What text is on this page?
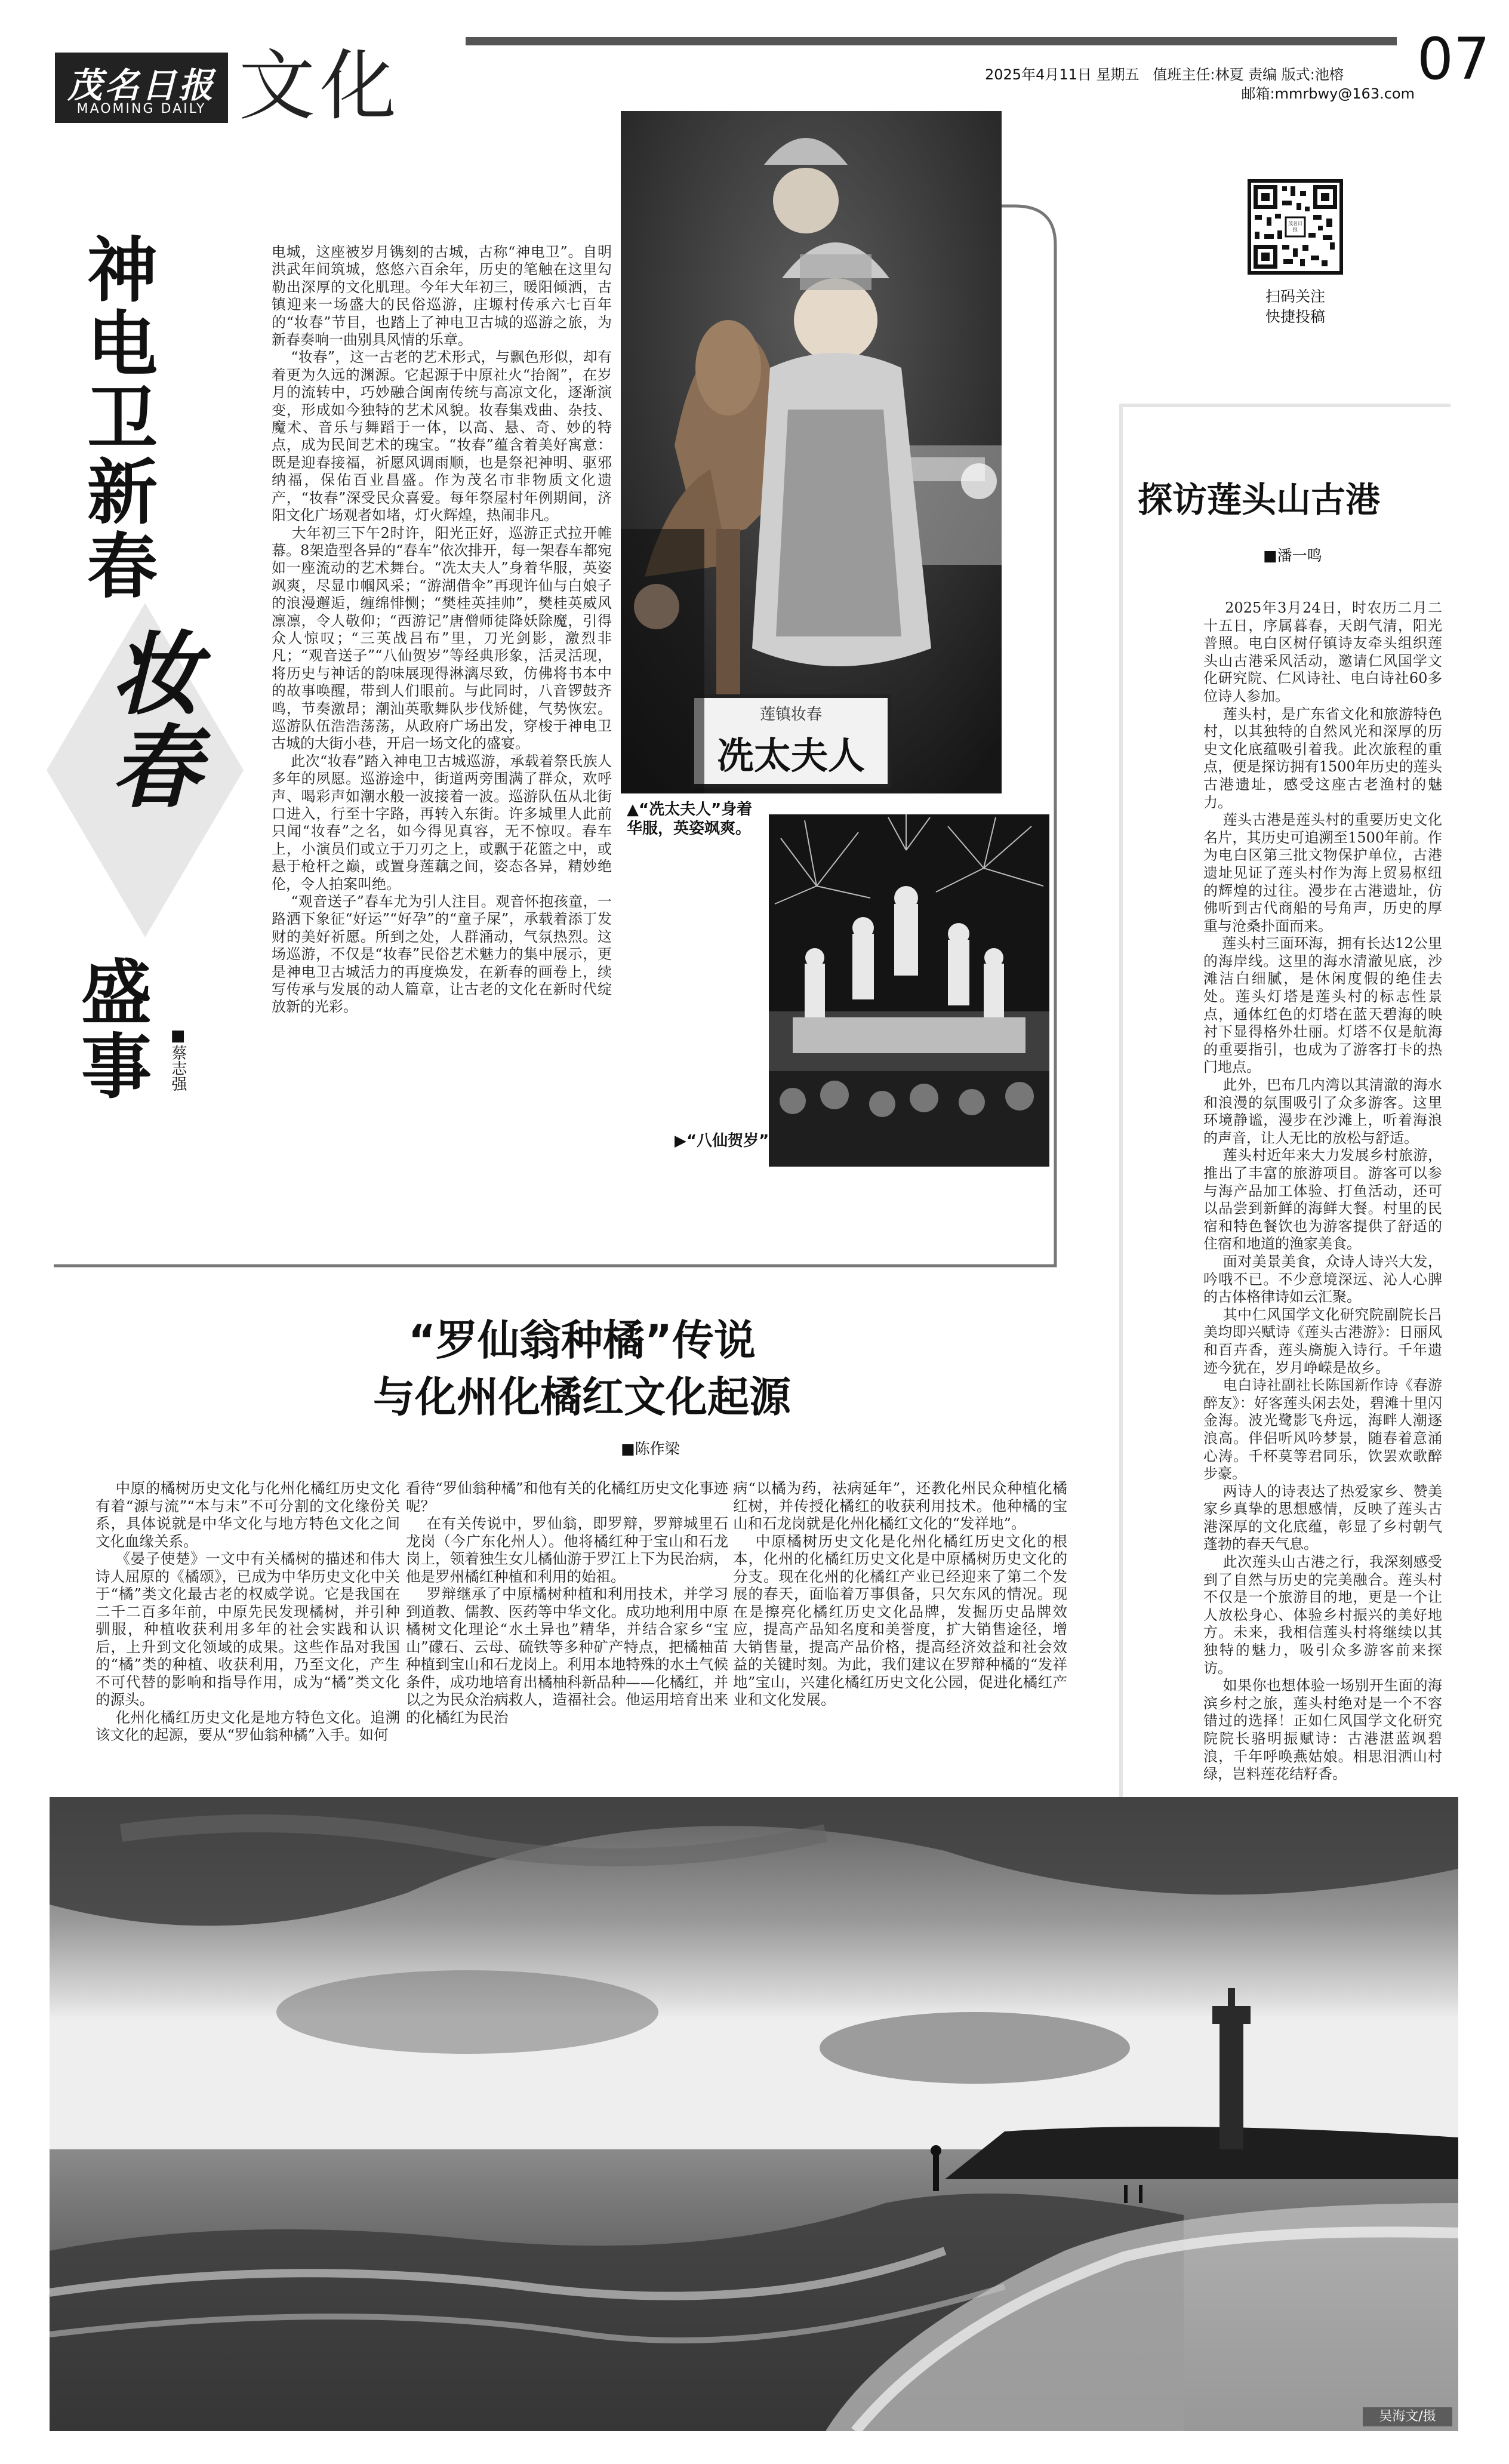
茂名日报
MAOMING DAILY 文化	2025年4月11日 星期五 值班主任:林夏 责编 版式:池榕
邮箱:mmrbwy@163.com
07
茂名日报
扫码关注
快捷投稿
神电卫新春
妆春
盛事	■蔡志强
电城，这座被岁月镌刻的古城，古称“神电卫”。自明洪武年间筑城，悠悠六百余年，历史的笔触在这里勾勒出深厚的文化肌理。今年大年初三，暖阳倾洒，古镇迎来一场盛大的民俗巡游，庄塬村传承六七百年的“妆春”节目，也踏上了神电卫古城的巡游之旅，为新春奏响一曲别具风情的乐章。
“妆春”，这一古老的艺术形式，与飘色形似，却有着更为久远的渊源。它起源于中原社火“抬阁”，在岁月的流转中，巧妙融合闽南传统与高凉文化，逐渐演变，形成如今独特的艺术风貌。妆春集戏曲、杂技、魔术、音乐与舞蹈于一体，以高、悬、奇、妙的特点，成为民间艺术的瑰宝。“妆春”蕴含着美好寓意：既是迎春接福，祈愿风调雨顺，也是祭祀神明、驱邪纳福，保佑百业昌盛。作为茂名市非物质文化遗产，“妆春”深受民众喜爱。每年祭屋村年例期间，济阳文化广场观者如堵，灯火辉煌，热闹非凡。
大年初三下午2时许，阳光正好，巡游正式拉开帷幕。8架造型各异的“春车”依次排开，每一架春车都宛如一座流动的艺术舞台。“冼太夫人”身着华服，英姿飒爽，尽显巾帼风采；“游湖借伞”再现许仙与白娘子的浪漫邂逅，缠绵悱恻；“樊桂英挂帅”，樊桂英威风凛凛，令人敬仰；“西游记”唐僧师徒降妖除魔，引得众人惊叹；“三英战吕布”里，刀光剑影，激烈非凡；“观音送子”“八仙贺岁”等经典形象，活灵活现，将历史与神话的韵味展现得淋漓尽致，仿佛将书本中的故事唤醒，带到人们眼前。与此同时，八音锣鼓齐鸣，节奏激昂；潮汕英歌舞队步伐矫健，气势恢宏。巡游队伍浩浩荡荡，从政府广场出发，穿梭于神电卫古城的大街小巷，开启一场文化的盛宴。
此次“妆春”踏入神电卫古城巡游，承载着祭氏族人多年的夙愿。巡游途中，街道两旁围满了群众，欢呼声、喝彩声如潮水般一波接着一波。巡游队伍从北街口进入，行至十字路，再转入东街。许多城里人此前只闻“妆春”之名，如今得见真容，无不惊叹。春车上，小演员们或立于刀刃之上，或飘于花篮之中，或悬于枪杆之巅，或置身莲藕之间，姿态各异，精妙绝伦，令人拍案叫绝。
“观音送子”春车尤为引人注目。观音怀抱孩童，一路洒下象征“好运”“好孕”的“童子屎”，承载着添丁发财的美好祈愿。所到之处，人群涌动，气氛热烈。这场巡游，不仅是“妆春”民俗艺术魅力的集中展示，更是神电卫古城活力的再度焕发，在新春的画卷上，续写传承与发展的动人篇章，让古老的文化在新时代绽放新的光彩。
莲镇妆春
冼太夫人
▲“冼太夫人”身着华服，英姿飒爽。
▶“八仙贺岁”
探访莲头山古港
■潘一鸣
2025年3月24日，时农历二月二十五日，序属暮春，天朗气清，阳光普照。电白区树仔镇诗友牵头组织莲头山古港采风活动，邀请仁风国学文化研究院、仁风诗社、电白诗社60多位诗人参加。
莲头村，是广东省文化和旅游特色村，以其独特的自然风光和深厚的历史文化底蕴吸引着我。此次旅程的重点，便是探访拥有1500年历史的莲头古港遗址，感受这座古老渔村的魅力。
莲头古港是莲头村的重要历史文化名片，其历史可追溯至1500年前。作为电白区第三批文物保护单位，古港遗址见证了莲头村作为海上贸易枢纽的辉煌的过往。漫步在古港遗址，仿佛听到古代商船的号角声，历史的厚重与沧桑扑面而来。
莲头村三面环海，拥有长达12公里的海岸线。这里的海水清澈见底，沙滩洁白细腻，是休闲度假的绝佳去处。莲头灯塔是莲头村的标志性景点，通体红色的灯塔在蓝天碧海的映衬下显得格外壮丽。灯塔不仅是航海的重要指引，也成为了游客打卡的热门地点。
此外，巴布几内湾以其清澈的海水和浪漫的氛围吸引了众多游客。这里环境静谧，漫步在沙滩上，听着海浪的声音，让人无比的放松与舒适。
莲头村近年来大力发展乡村旅游，推出了丰富的旅游项目。游客可以参与海产品加工体验、打鱼活动，还可以品尝到新鲜的海鲜大餐。村里的民宿和特色餐饮也为游客提供了舒适的住宿和地道的渔家美食。
面对美景美食，众诗人诗兴大发，吟哦不已。不少意境深远、沁人心脾的古体格律诗如云汇聚。
其中仁风国学文化研究院副院长吕美均即兴赋诗《莲头古港游》：日丽风和百卉香，莲头旖旎入诗行。千年遗迹今犹在，岁月峥嵘是故乡。
电白诗社副社长陈国新作诗《春游醉友》：好客莲头闲去处，碧滩十里闪金海。波光鹭影飞舟远，海畔人潮逐浪高。伴侣听风吟梦景，随春着意涌心涛。千杯莫等君同乐，饮罢欢歌醉步豪。
两诗人的诗表达了热爱家乡、赞美家乡真挚的思想感情，反映了莲头古港深厚的文化底蕴，彰显了乡村朝气蓬勃的春天气息。
此次莲头山古港之行，我深刻感受到了自然与历史的完美融合。莲头村不仅是一个旅游目的地，更是一个让人放松身心、体验乡村振兴的美好地方。未来，我相信莲头村将继续以其独特的魅力，吸引众多游客前来探访。
如果你也想体验一场别开生面的海滨乡村之旅，莲头村绝对是一个不容错过的选择！正如仁风国学文化研究院院长骆明振赋诗：古港湛蓝飒碧浪，千年呼唤燕姑娘。相思泪洒山村绿，岂料莲花结籽香。
“罗仙翁种橘”传说
与化州化橘红文化起源
■陈作梁
中原的橘树历史文化与化州化橘红历史文化有着“源与流”“本与末”不可分割的文化缘份关系，具体说就是中华文化与地方特色文化之间文化血缘关系。
《晏子使楚》一文中有关橘树的描述和伟大诗人屈原的《橘颂》，已成为中华历史文化中关于“橘”类文化最古老的权威学说。它是我国在二千二百多年前，中原先民发现橘树，并引种驯服，种植收获利用多年的社会实践和认识后，上升到文化领域的成果。这些作品对我国的“橘”类的种植、收获利用，乃至文化，产生不可代替的影响和指导作用，成为“橘”类文化的源头。
化州化橘红历史文化是地方特色文化。追溯该文化的起源，要从“罗仙翁种橘”入手。如何
看待“罗仙翁种橘”和他有关的化橘红历史文化事迹呢？
在有关传说中，罗仙翁，即罗辩，罗辩城里石龙岗（今广东化州人）。他将橘红种于宝山和石龙岗上，领着独生女儿橘仙游于罗江上下为民治病，他是罗州橘红种植和利用的始祖。
罗辩继承了中原橘树种植和利用技术，并学习到道教、儒教、医药等中华文化。成功地利用中原橘树文化理论“水土异也”精华，并结合家乡“宝山”礞石、云母、硫铁等多种矿产特点，把橘柚苗种植到宝山和石龙岗上。利用本地特殊的水土气候条件，成功地培育出橘柚科新品种——化橘红，并以之为民众治病救人，造福社会。他运用培育出来的化橘红为民治
病“以橘为药，祛病延年”，还教化州民众种植化橘红树，并传授化橘红的收获利用技术。他种橘的宝山和石龙岗就是化州化橘红文化的“发祥地”。
中原橘树历史文化是化州化橘红历史文化的根本，化州的化橘红历史文化是中原橘树历史文化的分支。现在化州的化橘红产业已经迎来了第二个发展的春天，面临着万事俱备，只欠东风的情况。现在是擦亮化橘红历史文化品牌，发掘历史品牌效应，提高产品知名度和美誉度，扩大销售途径，增大销售量，提高产品价格，提高经济效益和社会效益的关键时刻。为此，我们建议在罗辩种橘的“发祥地”宝山，兴建化橘红历史文化公园，促进化橘红产业和文化发展。
吴海文/摄
